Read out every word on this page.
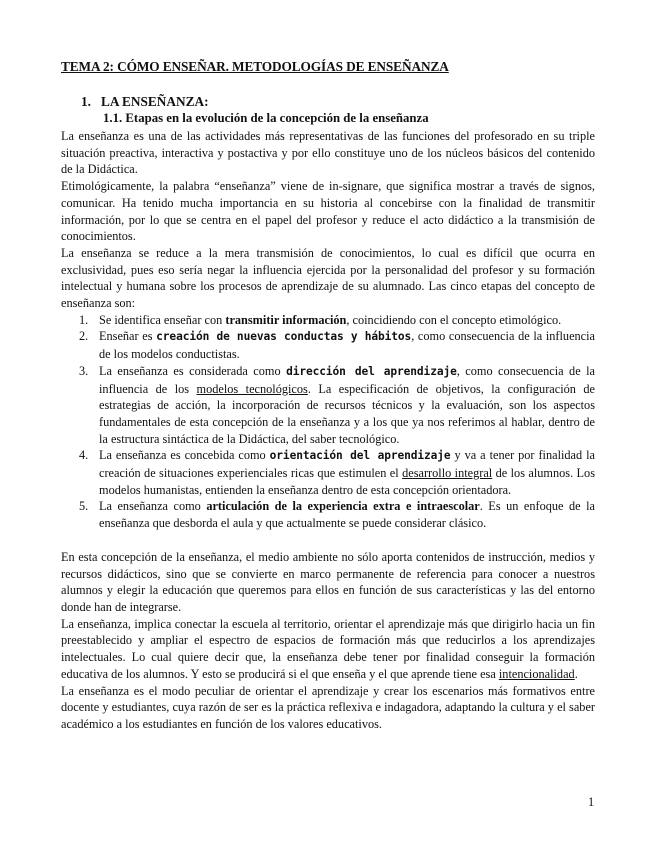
TEMA 2: CÓMO ENSEÑAR. METODOLOGÍAS DE ENSEÑANZA
1. LA ENSEÑANZA:
1.1. Etapas en la evolución de la concepción de la enseñanza

La enseñanza es una de las actividades más representativas de las funciones del profesorado en su triple situación preactiva, interactiva y postactiva y por ello constituye uno de los núcleos básicos del contenido de la Didáctica.

Etimológicamente, la palabra “enseñanza” viene de in-signare, que significa mostrar a través de signos, comunicar. Ha tenido mucha importancia en su historia al concebirse con la finalidad de transmitir información, por lo que se centra en el papel del profesor y reduce el acto didáctico a la transmisión de conocimientos.

La enseñanza se reduce a la mera transmisión de conocimientos, lo cual es difícil que ocurra en exclusividad, pues eso sería negar la influencia ejercida por la personalidad del profesor y su formación intelectual y humana sobre los procesos de aprendizaje de su alumnado. Las cinco etapas del concepto de enseñanza son:

1. Se identifica enseñar con transmitir información, coincidiendo con el concepto etimológico.
2. Enseñar es creación de nuevas conductas y hábitos, como consecuencia de la influencia de los modelos conductistas.
3. La enseñanza es considerada como dirección del aprendizaje, como consecuencia de la influencia de los modelos tecnológicos. La especificación de objetivos, la configuración de estrategias de acción, la incorporación de recursos técnicos y la evaluación, son los aspectos fundamentales de esta concepción de la enseñanza y a los que ya nos referimos al hablar, dentro de la estructura sintáctica de la Didáctica, del saber tecnológico.
4. La enseñanza es concebida como orientación del aprendizaje y va a tener por finalidad la creación de situaciones experienciales ricas que estimulen el desarrollo integral de los alumnos. Los modelos humanistas, entienden la enseñanza dentro de esta concepción orientadora.
5. La enseñanza como articulación de la experiencia extra e intraescolar. Es un enfoque de la enseñanza que desborda el aula y que actualmente se puede considerar clásico.

En esta concepción de la enseñanza, el medio ambiente no sólo aporta contenidos de instrucción, medios y recursos didácticos, sino que se convierte en marco permanente de referencia para conocer a nuestros alumnos y elegir la educación que queremos para ellos en función de sus características y las del entorno donde han de integrarse.

La enseñanza, implica conectar la escuela al territorio, orientar el aprendizaje más que dirigirlo hacia un fin preestablecido y ampliar el espectro de espacios de formación más que reducirlos a los aprendizajes intelectuales. Lo cual quiere decir que, la enseñanza debe tener por finalidad conseguir la formación educativa de los alumnos. Y esto se producirá si el que enseña y el que aprende tiene esa intencionalidad.

La enseñanza es el modo peculiar de orientar el aprendizaje y crear los escenarios más formativos entre docente y estudiantes, cuya razón de ser es la práctica reflexiva e indagadora, adaptando la cultura y el saber académico a los estudiantes en función de los valores educativos.

1
